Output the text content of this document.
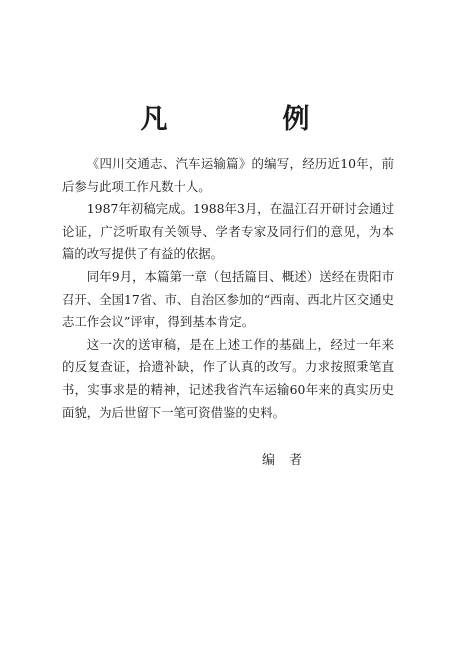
凡　例

《四川交通志、汽车运输篇》的编写，经历近10年，前后参与此项工作凡数十人。

1987年初稿完成。1988年3月，在温江召开研讨会通过论证，广泛听取有关领导、学者专家及同行们的意见，为本篇的改写提供了有益的依据。

同年9月，本篇第一章（包括篇目、概述）送经在贵阳市召开、全国17省、市、自治区参加的“西南、西北片区交通史志工作会议”评审，得到基本肯定。

这一次的送审稿，是在上述工作的基础上，经过一年来的反复查证，拾遗补缺，作了认真的改写。力求按照秉笔直书，实事求是的精神，记述我省汽车运输60年来的真实历史面貌，为后世留下一笔可资借鉴的史料。

编者
